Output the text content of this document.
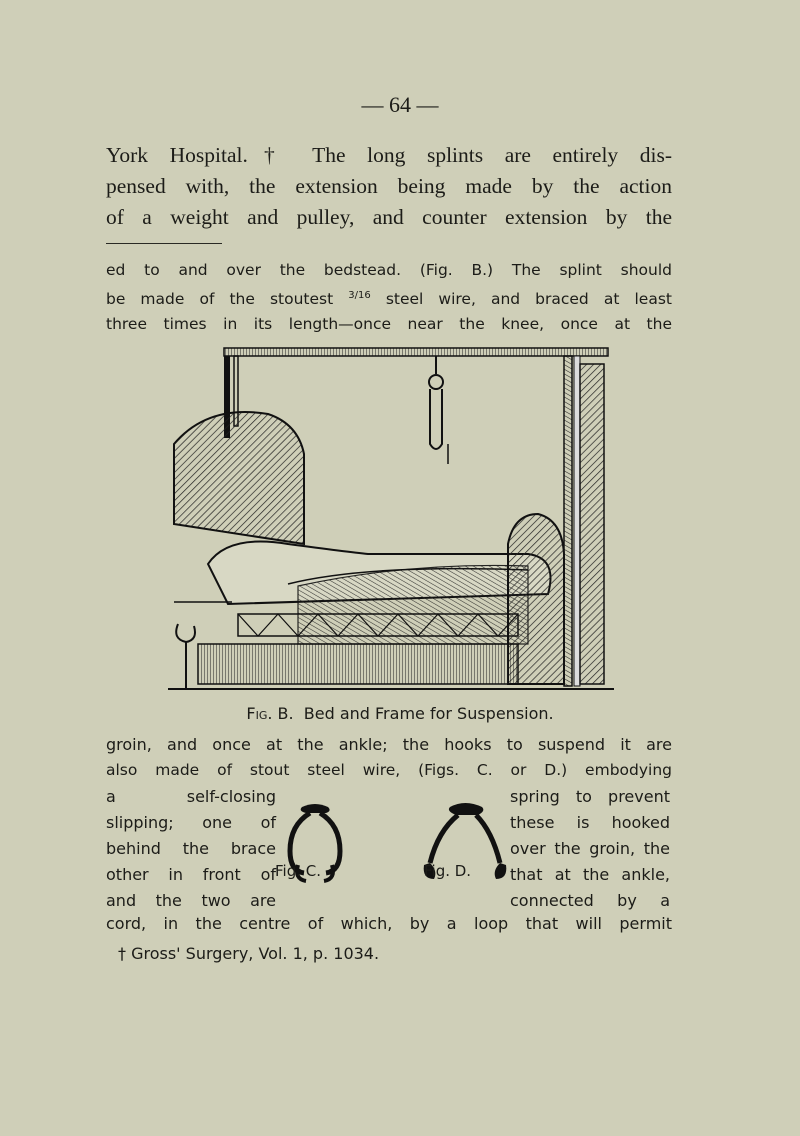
— 64 —
York Hospital.† The long splints are entirely dis-
pensed with, the extension being made by the action
of a weight and pulley, and counter extension by the
ed to and over the bedstead. (Fig. B.) The splint should
be made of the stoutest $^{3/16}$ steel wire, and braced at least
three times in its length—once near the knee, once at the
Fig. B. Bed and Frame for Suspension.
groin, and once at the ankle; the hooks to suspend it are
also made of stout steel wire, (Figs. C. or D.) embodying
a self-closing
slipping; one of
behind the brace
other in front of
and the two are
spring to prevent
these is hooked
over the groin, the
that at the ankle,
connected by a
Fig. C.	Fig. D.
cord, in the centre of which, by a loop that will permit
† Gross' Surgery, Vol. 1, p. 1034.
